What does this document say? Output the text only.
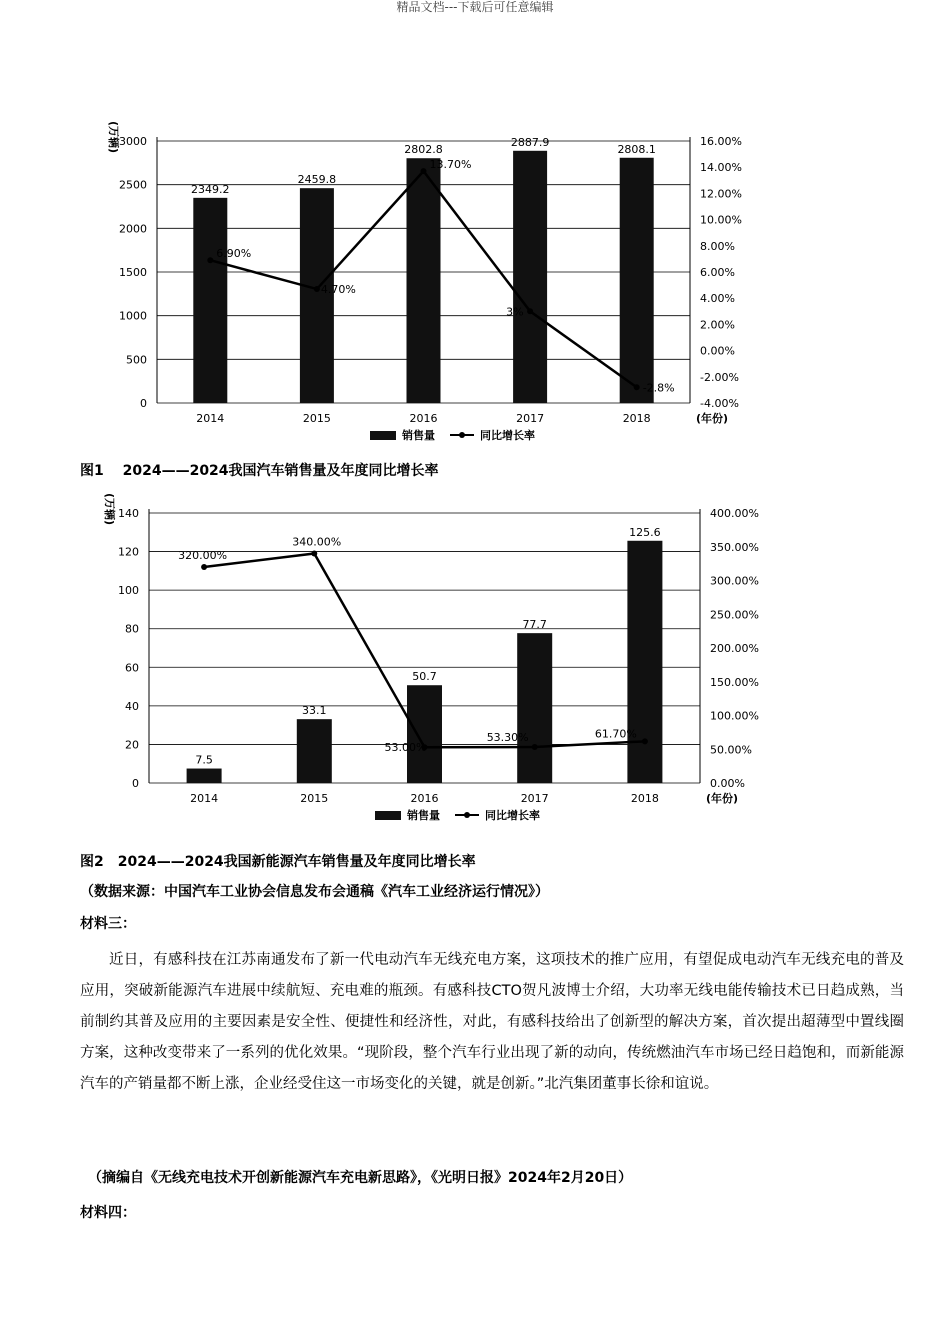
精品文档---下载后可任意编辑
0
500
1000
1500
2000
2500
3000
-4.00%
-2.00%
0.00%
2.00%
4.00%
6.00%
8.00%
10.00%
12.00%
14.00%
16.00%
(万辆)
2349.2
2459.8
2802.8
2887.9
2808.1
6.90%
4.70%
13.70%
3%
-2.8%
2014	2015	2016	2017	2018	(年份)
销售量	同比增长率
图1　 2024——2024我国汽车销售量及年度同比增长率
0
20
40
60
80
100
120
140
0.00%
50.00%
100.00%
150.00%
200.00%
250.00%
300.00%
350.00%
400.00%
(万辆)
7.5
33.1
50.7
77.7
125.6
320.00%
340.00%
53.00%
53.30%	61.70%
2014	2015	2016	2017	2018	(年份)
销售量	同比增长率
图2　2024——2024我国新能源汽车销售量及年度同比增长率
（数据来源：中国汽车工业协会信息发布会通稿《汽车工业经济运行情况》）
材料三：
近日，有感科技在江苏南通发布了新一代电动汽车无线充电方案，这项技术的推广应用，有望促成电动汽车无线充电的普及应用，突破新能源汽车进展中续航短、充电难的瓶颈。有感科技CTO贺凡波博士介绍，大功率无线电能传输技术已日趋成熟，当前制约其普及应用的主要因素是安全性、便捷性和经济性，对此，有感科技给出了创新型的解决方案，首次提出超薄型中置线圈方案，这种改变带来了一系列的优化效果。“现阶段，整个汽车行业出现了新的动向，传统燃油汽车市场已经日趋饱和，而新能源汽车的产销量都不断上涨，企业经受住这一市场变化的关键，就是创新。”北汽集团董事长徐和谊说。
（摘编自《无线充电技术开创新能源汽车充电新思路》，《光明日报》2024年2月20日）
材料四：
